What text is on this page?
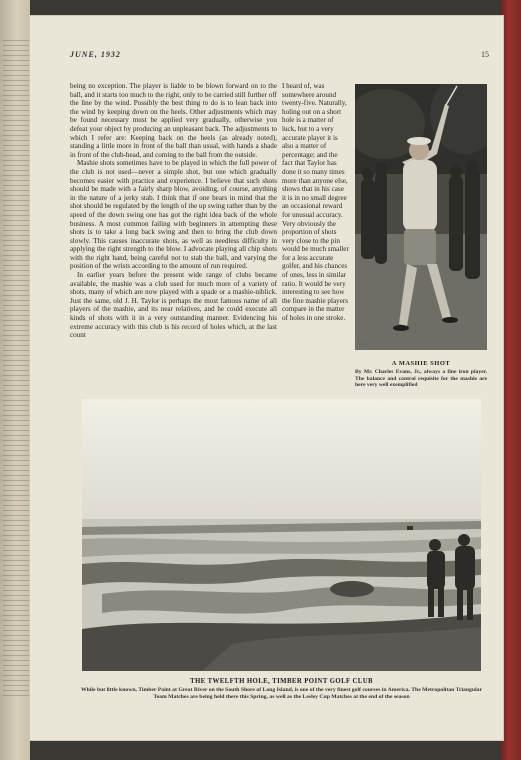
JUNE, 1932	15

being no exception. The player is liable to be blown forward on to the ball, and it starts too much to the right, only to be carried still further off the line by the wind. Possibly the best thing to do is to lean back into the wind by keeping down on the heels. Other adjustments which may be found necessary must be applied very gradually, otherwise you defeat your object by producing an unpleasant back. The adjustments to which I refer are: Keeping back on the heels (as already noted), standing a little more in front of the ball than usual, with hands a shade in front of the club-head, and coming to the ball from the outside.

Mashie shots sometimes have to be played in which the full power of the club is not used—never a simple shot, but one which gradually becomes easier with practice and experience. I believe that such shots should be made with a fairly sharp blow, avoiding, of course, anything in the nature of a jerky stab. I think that if one bears in mind that the shot should be regulated by the length of the up swing rather than by the speed of the down swing one has got the right idea back of the whole business. A most common failing with beginners in attempting these shots is to take a long back swing and then to bring the club down slowly. This causes inaccurate shots, as well as needless difficulty in applying the right strength to the blow. I advocate playing all chip shots with the right hand, being careful not to stab the ball, and varying the position of the wrists according to the amount of run required.

In earlier years before the present wide range of clubs became available, the mashie was a club used for much more of a variety of shots, many of which are now played with a spade or a mashie-niblick. Just the same, old J. H. Taylor is perhaps the most famous name of all players of the mashie, and its near relatives, and he could execute all kinds of shots with it in a very outstanding manner. Evidencing his extreme accuracy with this club is his record of holes which, at the last count

I heard of, was somewhere around twenty-five. Naturally, holing out on a short hole is a matter of luck, but to a very accurate player it is also a matter of percentage; and the fact that Taylor has done it so many times more than anyone else, shows that in his case it is in no small degree an occasional reward for unusual accuracy. Very obviously the proportion of shots very close to the pin would be much smaller for a less accurate golfer, and his chances of ones, less in similar ratio. It would be very interesting to see how the fine mashie players compare in the matter of holes in one stroke.

Acme
A MASHIE SHOT
By Mr. Charles Evans, Jr., always a fine iron player. The balance and control requisite for the mashie are here very well exemplified
THE TWELFTH HOLE, TIMBER POINT GOLF CLUB
While but little known, Timber Point at Great River on the South Shore of Long Island, is one of the very finest golf courses in America. The Metropolitan Triangular Team Matches are being held there this Spring, as well as the Lesley Cup Matches at the end of the season
